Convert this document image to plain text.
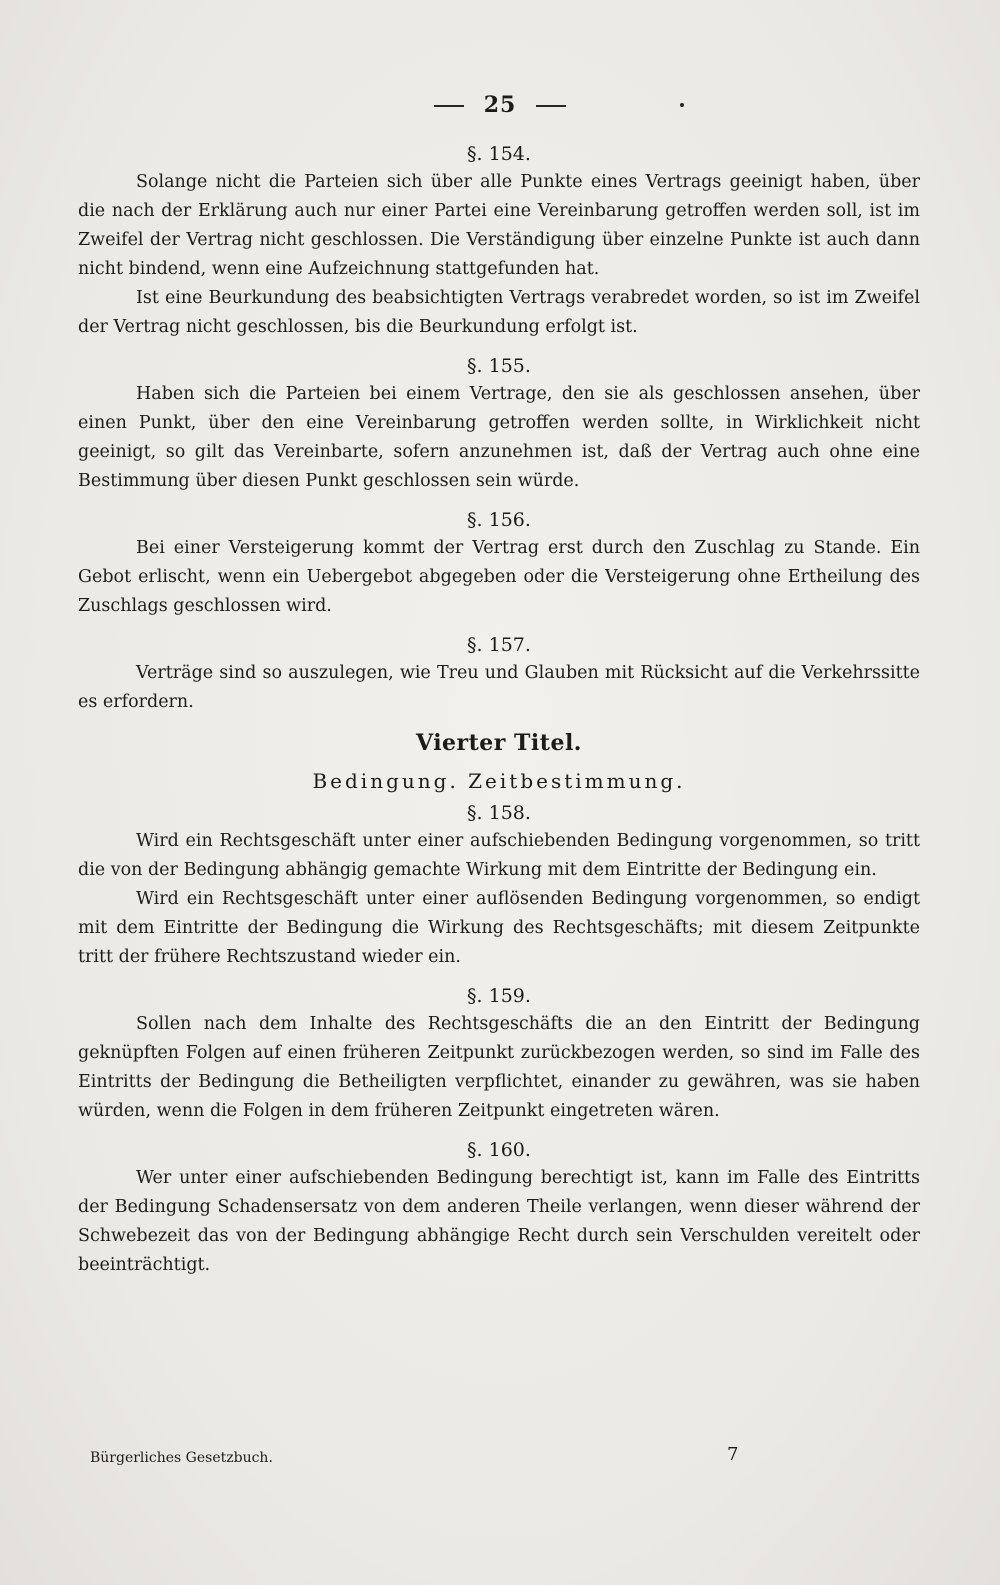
25
§. 154.

Solange nicht die Parteien sich über alle Punkte eines Vertrags geeinigt haben, über die nach der Erklärung auch nur einer Partei eine Vereinbarung getroffen werden soll, ist im Zweifel der Vertrag nicht geschlossen. Die Verständigung über einzelne Punkte ist auch dann nicht bindend, wenn eine Aufzeichnung stattgefunden hat.

Ist eine Beurkundung des beabsichtigten Vertrags verabredet worden, so ist im Zweifel der Vertrag nicht geschlossen, bis die Beurkundung erfolgt ist.

§. 155.

Haben sich die Parteien bei einem Vertrage, den sie als geschlossen ansehen, über einen Punkt, über den eine Vereinbarung getroffen werden sollte, in Wirklichkeit nicht geeinigt, so gilt das Vereinbarte, sofern anzunehmen ist, daß der Vertrag auch ohne eine Bestimmung über diesen Punkt geschlossen sein würde.

§. 156.

Bei einer Versteigerung kommt der Vertrag erst durch den Zuschlag zu Stande. Ein Gebot erlischt, wenn ein Uebergebot abgegeben oder die Versteigerung ohne Ertheilung des Zuschlags geschlossen wird.

§. 157.

Verträge sind so auszulegen, wie Treu und Glauben mit Rücksicht auf die Verkehrssitte es erfordern.

Vierter Titel.
Bedingung. Zeitbestimmung.
§. 158.

Wird ein Rechtsgeschäft unter einer aufschiebenden Bedingung vorgenommen, so tritt die von der Bedingung abhängig gemachte Wirkung mit dem Eintritte der Bedingung ein.

Wird ein Rechtsgeschäft unter einer auflösenden Bedingung vorgenommen, so endigt mit dem Eintritte der Bedingung die Wirkung des Rechtsgeschäfts; mit diesem Zeitpunkte tritt der frühere Rechtszustand wieder ein.

§. 159.

Sollen nach dem Inhalte des Rechtsgeschäfts die an den Eintritt der Bedingung geknüpften Folgen auf einen früheren Zeitpunkt zurückbezogen werden, so sind im Falle des Eintritts der Bedingung die Betheiligten verpflichtet, einander zu gewähren, was sie haben würden, wenn die Folgen in dem früheren Zeitpunkt eingetreten wären.

§. 160.

Wer unter einer aufschiebenden Bedingung berechtigt ist, kann im Falle des Eintritts der Bedingung Schadensersatz von dem anderen Theile verlangen, wenn dieser während der Schwebezeit das von der Bedingung abhängige Recht durch sein Verschulden vereitelt oder beeinträchtigt.

Bürgerliches Gesetzbuch.	7
